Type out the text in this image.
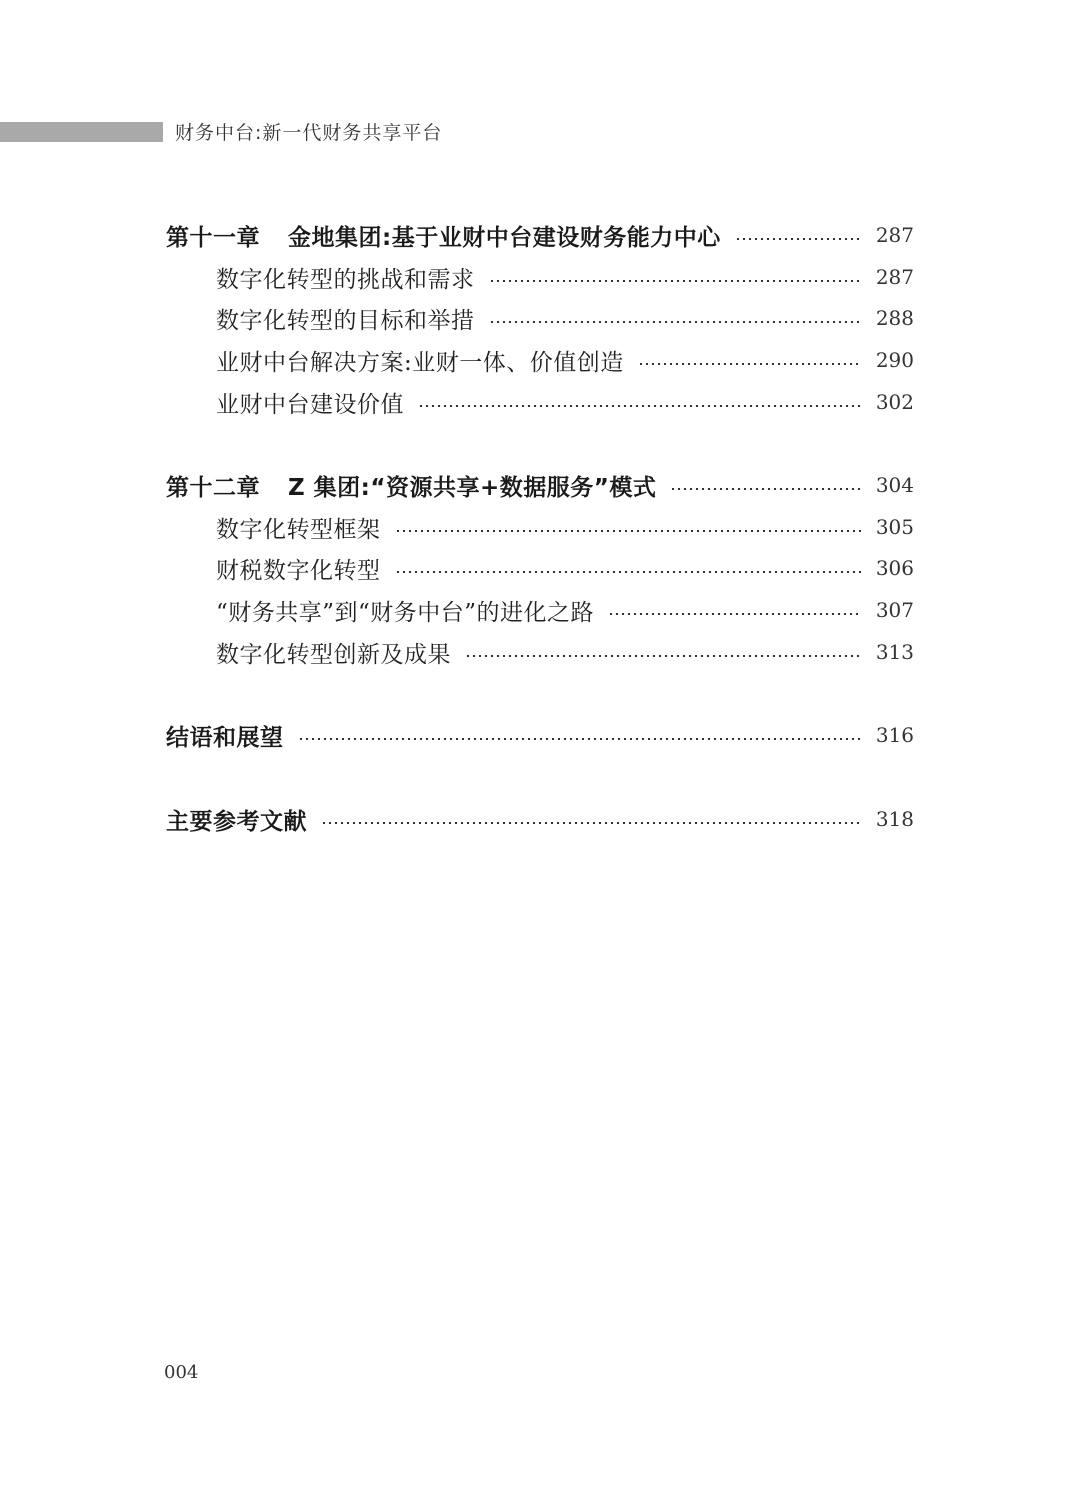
财务中台:新一代财务共享平台
第十一章 金地集团:基于业财中台建设财务能力中心	287
数字化转型的挑战和需求	287
数字化转型的目标和举措	288
业财中台解决方案:业财一体、价值创造	290
业财中台建设价值	302
第十二章 Z 集团:“资源共享+数据服务”模式	304
数字化转型框架	305
财税数字化转型	306
“财务共享”到“财务中台”的进化之路	307
数字化转型创新及成果	313
结语和展望	316
主要参考文献	318
004
